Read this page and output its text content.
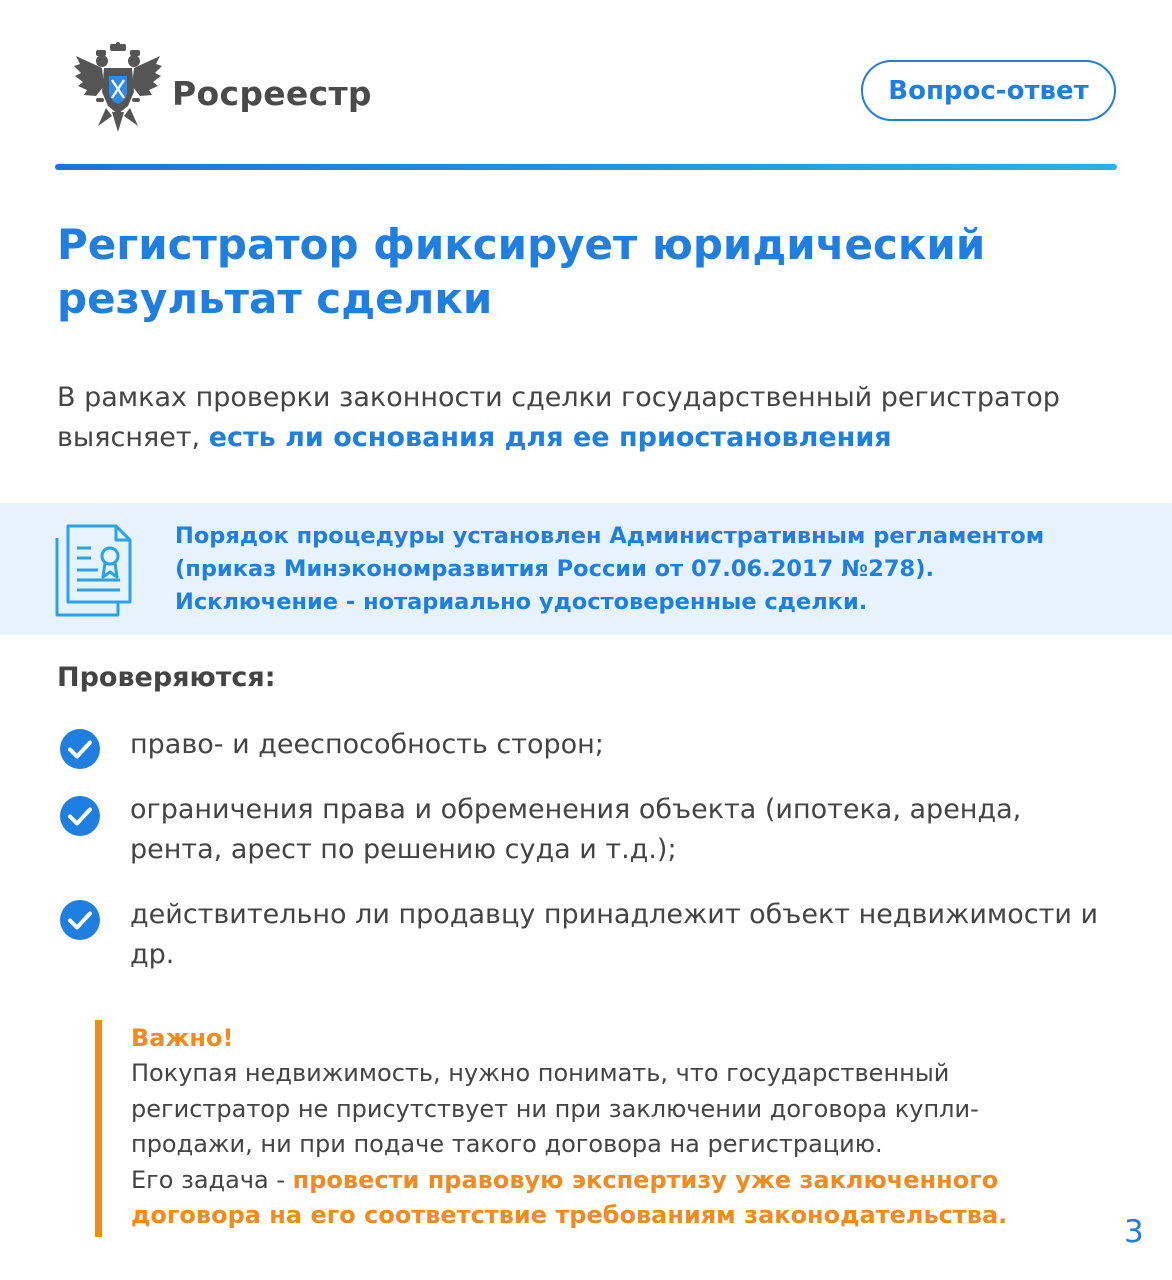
Росреестр	Вопрос-ответ
Регистратор фиксирует юридический результат сделки

В рамках проверки законности сделки государственный регистратор выясняет, есть ли основания для ее приостановления

Порядок процедуры установлен Административным регламентом
(приказ Минэкономразвития России от 07.06.2017 №278).
Исключение - нотариально удостоверенные сделки.
Проверяются:
право- и дееспособность сторон;
ограничения права и обременения объекта (ипотека, аренда, рента, арест по решению суда и т.д.);
действительно ли продавцу принадлежит объект недвижимости и др.
Важно!
Покупая недвижимость, нужно понимать, что государственный регистратор не присутствует ни при заключении договора купли-продажи, ни при подаче такого договора на регистрацию.
Его задача - провести правовую экспертизу уже заключенного договора на его соответствие требованиям законодательства.	3
